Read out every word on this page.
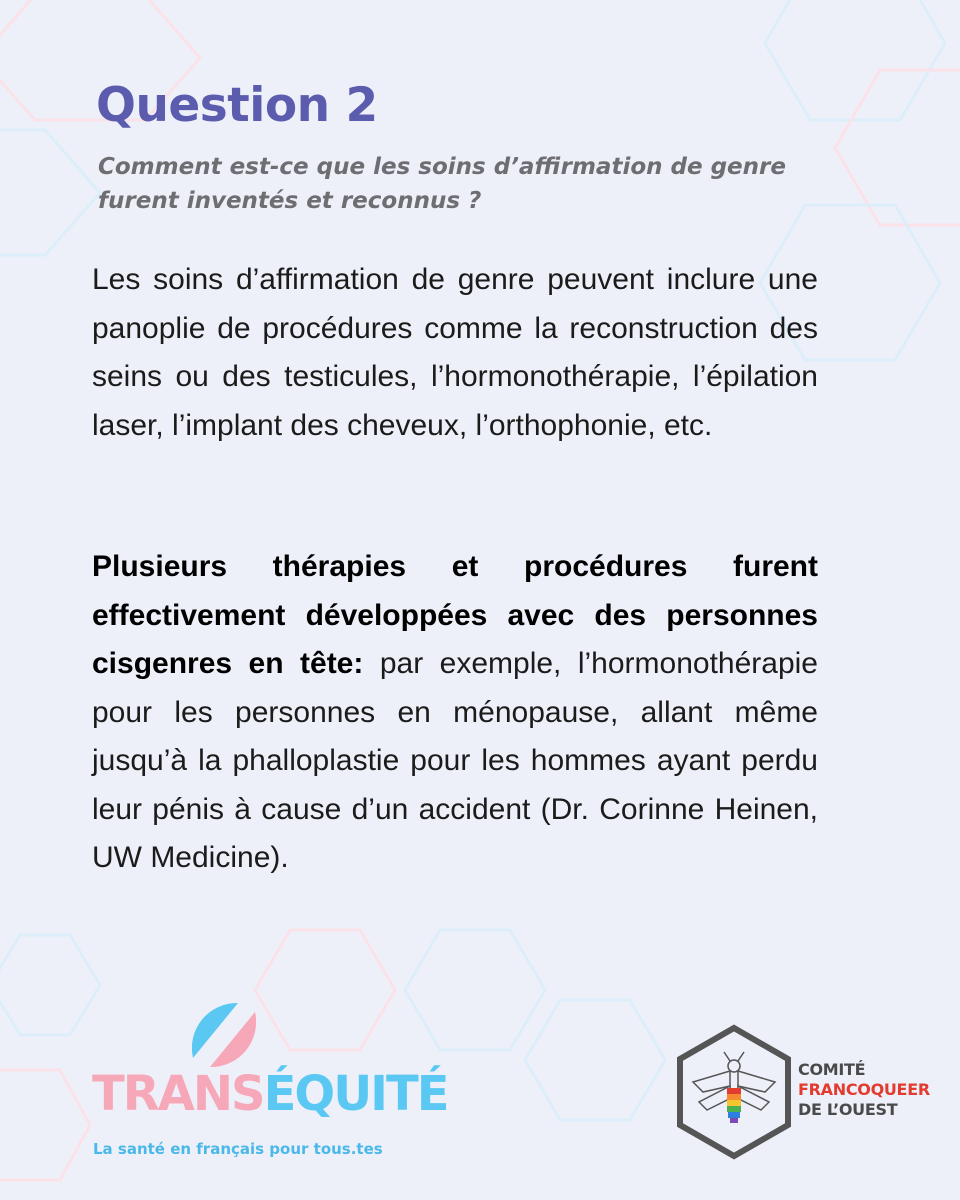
Question 2

Comment est-ce que les soins d’affirmation de genre furent inventés et reconnus ?

Les soins d’affirmation de genre peuvent inclure une panoplie de procédures comme la reconstruction des seins ou des testicules, l’hormonothérapie, l’épilation laser, l’implant des cheveux, l’orthophonie, etc.

Plusieurs thérapies et procédures furent effectivement développées avec des personnes cisgenres en tête: par exemple, l’hormonothérapie pour les personnes en ménopause, allant même jusqu’à la phalloplastie pour les hommes ayant perdu leur pénis à cause d’un accident (Dr. Corinne Heinen, UW Medicine).

TRANSÉQUITÉ
La santé en français pour tous.tes
COMITÉ
FRANCOQUEER
DE L’OUEST
